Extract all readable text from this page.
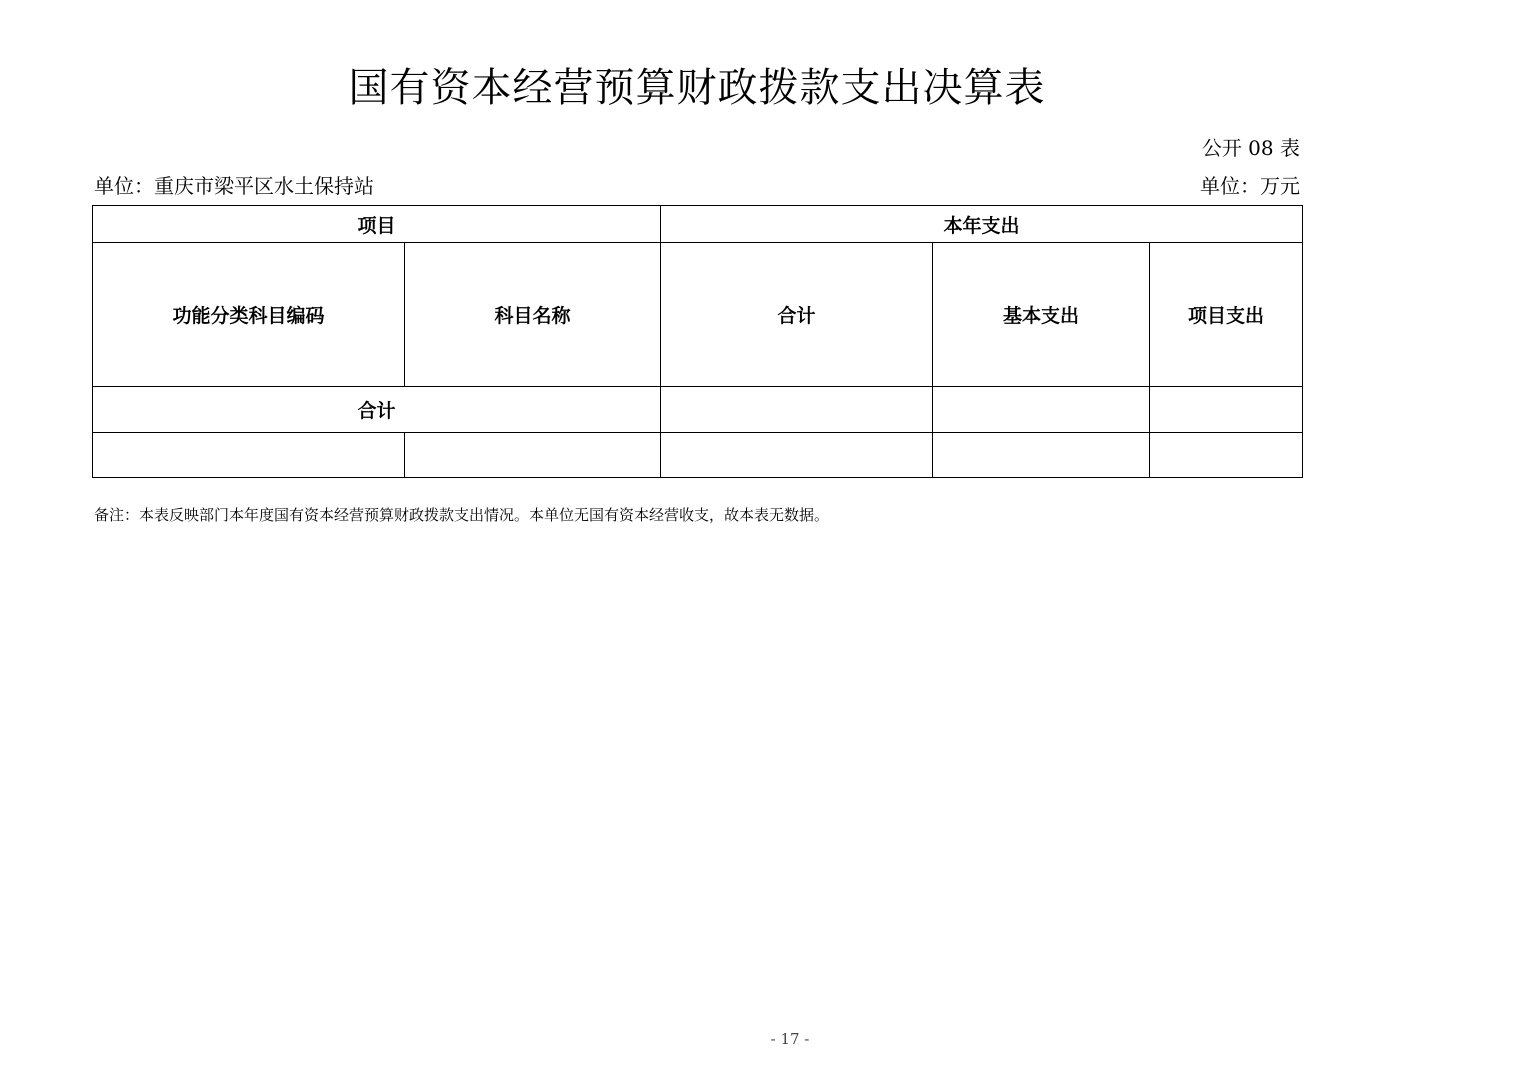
国有资本经营预算财政拨款支出决算表
公开 08 表
单位：重庆市梁平区水土保持站	单位：万元
项目		本年支出		
功能分类科目编码	科目名称	合计	基本支出	项目支出
合计				

备注：本表反映部门本年度国有资本经营预算财政拨款支出情况。本单位无国有资本经营收支，故本表无数据。
- 17 -
